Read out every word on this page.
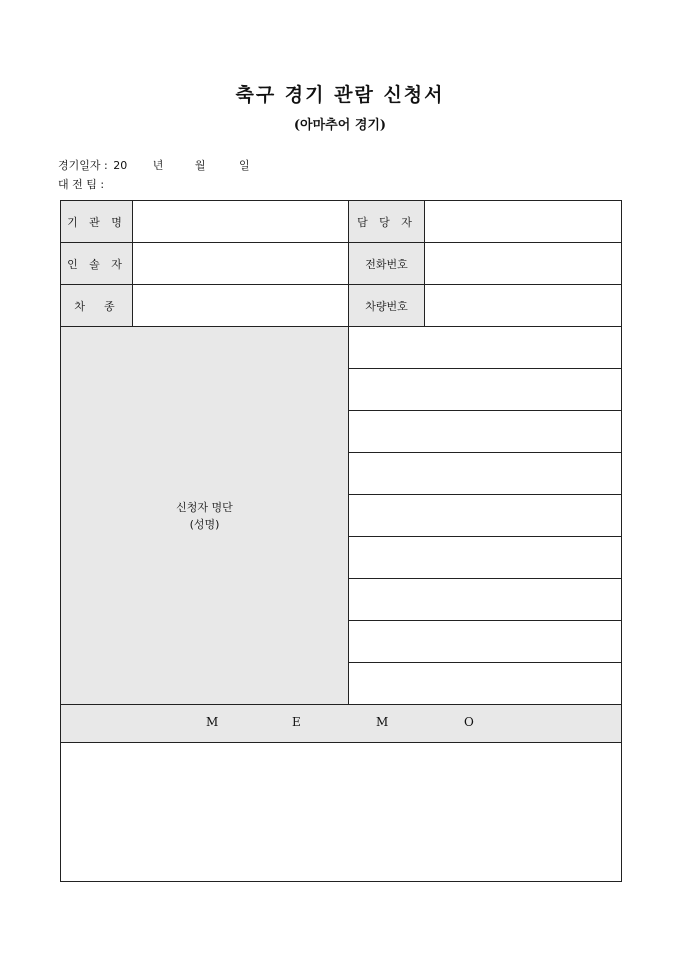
축구 경기 관람 신청서
(아마추어 경기)
경기일자 : 20 년	월	일
대 전 팀 :
기 관 명		담 당 자	
인 솔 자		전화번호	
차　종		차량번호	

신청자 명단
(성명)			

M E M O			
